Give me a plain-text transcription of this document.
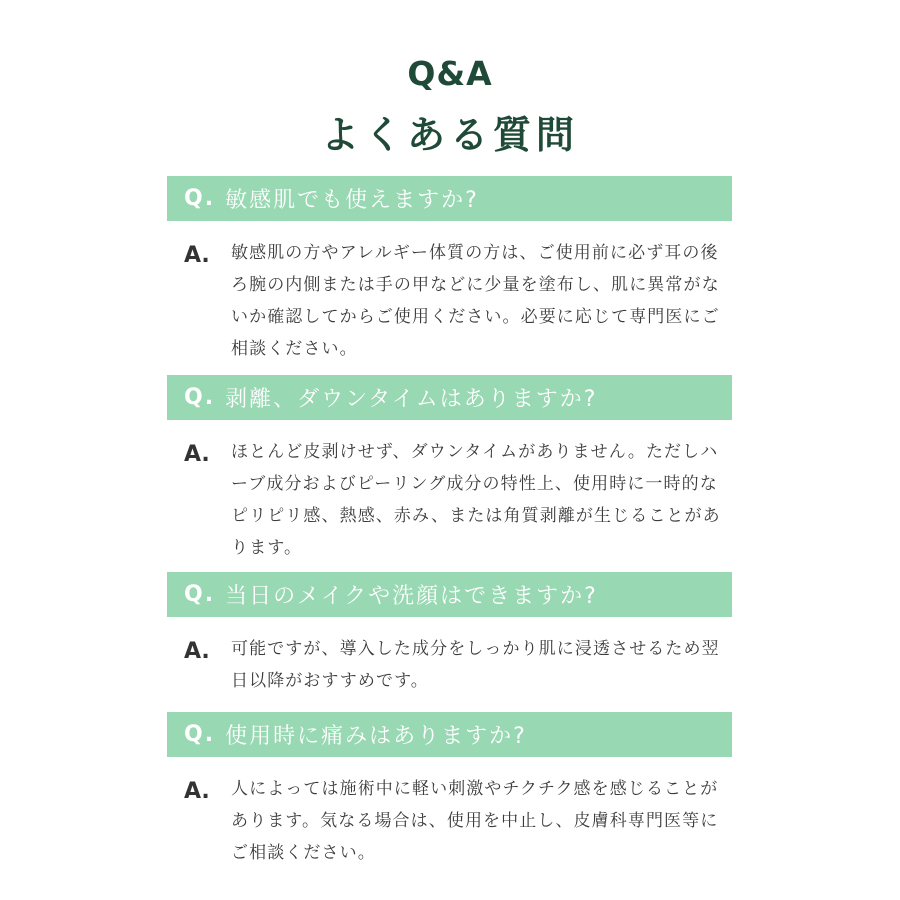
Q&A
よくある質問
Q. 敏感肌でも使えますか?
A. 敏感肌の方やアレルギー体質の方は、ご使用前に必ず耳の後ろ腕の内側または手の甲などに少量を塗布し、肌に異常がないか確認してからご使用ください。必要に応じて専門医にご相談ください。
Q. 剥離、ダウンタイムはありますか?
A. ほとんど皮剥けせず、ダウンタイムがありません。ただしハーブ成分およびピーリング成分の特性上、使用時に一時的なピリピリ感、熱感、赤み、または角質剥離が生じることがあります。
Q. 当日のメイクや洗顔はできますか?
A. 可能ですが、導入した成分をしっかり肌に浸透させるため翌日以降がおすすめです。
Q. 使用時に痛みはありますか?
A. 人によっては施術中に軽い刺激やチクチク感を感じることがあります。気なる場合は、使用を中止し、皮膚科専門医等にご相談ください。
